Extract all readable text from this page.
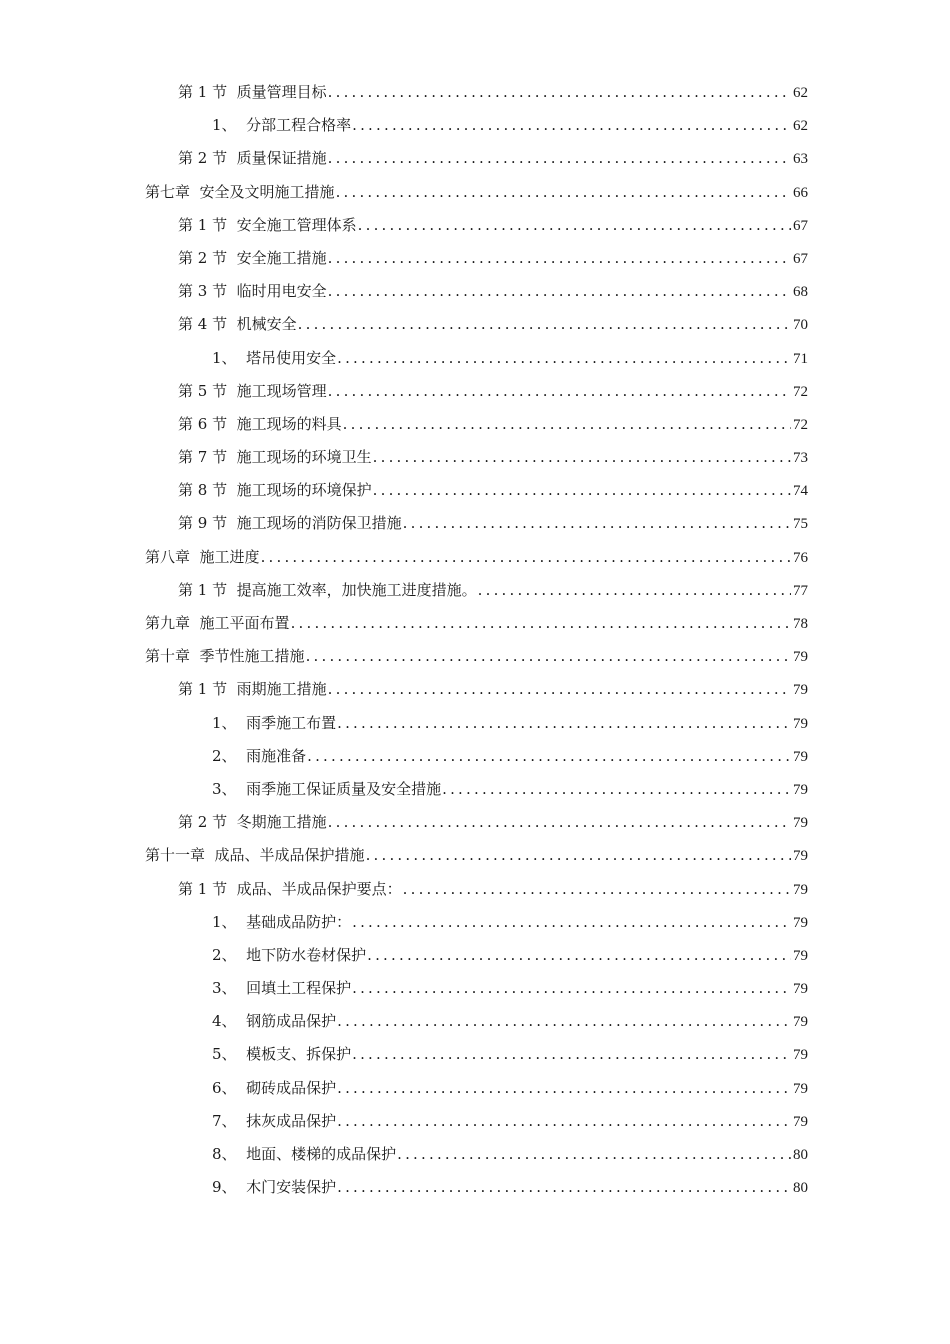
第 1 节 质量管理目标 .....	62
1、 分部工程合格率 .....	62
第 2 节 质量保证措施 .....	63
第七章 安全及文明施工措施 .....	66
第 1 节 安全施工管理体系 .....	67
第 2 节 安全施工措施 .....	67
第 3 节 临时用电安全 .....	68
第 4 节 机械安全 .....	70
1、 塔吊使用安全 .....	71
第 5 节 施工现场管理 .....	72
第 6 节 施工现场的料具 .....	72
第 7 节 施工现场的环境卫生 .....	73
第 8 节 施工现场的环境保护 .....	74
第 9 节 施工现场的消防保卫措施 .....	75
第八章 施工进度 .....	76
第 1 节 提高施工效率，加快施工进度措施。 .....	77
第九章 施工平面布置 .....	78
第十章 季节性施工措施 .....	79
第 1 节 雨期施工措施 .....	79
1、 雨季施工布置 .....	79
2、 雨施准备 .....	79
3、 雨季施工保证质量及安全措施 .....	79
第 2 节 冬期施工措施 .....	79
第十一章 成品、半成品保护措施 .....	79
第 1 节 成品、半成品保护要点： .....	79
1、 基础成品防护： .....	79
2、 地下防水卷材保护 .....	79
3、 回填土工程保护 .....	79
4、 钢筋成品保护 .....	79
5、 模板支、拆保护 .....	79
6、 砌砖成品保护 .....	79
7、 抹灰成品保护 .....	79
8、 地面、楼梯的成品保护 .....	80
9、 木门安装保护 .....	80
